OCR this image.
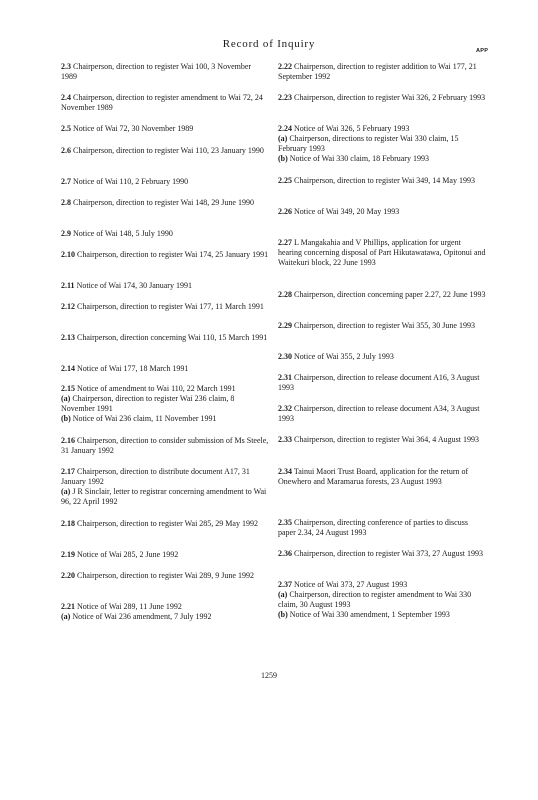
Record of Inquiry
APP
2.3 Chairperson, direction to register Wai 100, 3 November 1989
2.4 Chairperson, direction to register amendment to Wai 72, 24 November 1989
2.5 Notice of Wai 72, 30 November 1989
2.6 Chairperson, direction to register Wai 110, 23 January 1990
2.7 Notice of Wai 110, 2 February 1990
2.8 Chairperson, direction to register Wai 148, 29 June 1990
2.9 Notice of Wai 148, 5 July 1990
2.10 Chairperson, direction to register Wai 174, 25 January 1991
2.11 Notice of Wai 174, 30 January 1991
2.12 Chairperson, direction to register Wai 177, 11 March 1991
2.13 Chairperson, direction concerning Wai 110, 15 March 1991
2.14 Notice of Wai 177, 18 March 1991
2.15 Notice of amendment to Wai 110, 22 March 1991
(a) Chairperson, direction to register Wai 236 claim, 8 November 1991
(b) Notice of Wai 236 claim, 11 November 1991
2.16 Chairperson, direction to consider submission of Ms Steele, 31 January 1992
2.17 Chairperson, direction to distribute document A17, 31 January 1992
(a) J R Sinclair, letter to registrar concerning amendment to Wai 96, 22 April 1992
2.18 Chairperson, direction to register Wai 285, 29 May 1992
2.19 Notice of Wai 285, 2 June 1992
2.20 Chairperson, direction to register Wai 289, 9 June 1992
2.21 Notice of Wai 289, 11 June 1992
(a) Notice of Wai 236 amendment, 7 July 1992
2.22 Chairperson, direction to register addition to Wai 177, 21 September 1992
2.23 Chairperson, direction to register Wai 326, 2 February 1993
2.24 Notice of Wai 326, 5 February 1993
(a) Chairperson, directions to register Wai 330 claim, 15 February 1993
(b) Notice of Wai 330 claim, 18 February 1993
2.25 Chairperson, direction to register Wai 349, 14 May 1993
2.26 Notice of Wai 349, 20 May 1993
2.27 L Mangakahia and V Phillips, application for urgent hearing concerning disposal of Part Hikutawatawa, Opitonui and Waitekuri block, 22 June 1993
2.28 Chairperson, direction concerning paper 2.27, 22 June 1993
2.29 Chairperson, direction to register Wai 355, 30 June 1993
2.30 Notice of Wai 355, 2 July 1993
2.31 Chairperson, direction to release document A16, 3 August 1993
2.32 Chairperson, direction to release document A34, 3 August 1993
2.33 Chairperson, direction to register Wai 364, 4 August 1993
2.34 Tainui Maori Trust Board, application for the return of Onewhero and Maramarua forests, 23 August 1993
2.35 Chairperson, directing conference of parties to discuss paper 2.34, 24 August 1993
2.36 Chairperson, direction to register Wai 373, 27 August 1993
2.37 Notice of Wai 373, 27 August 1993
(a) Chairperson, direction to register amendment to Wai 330 claim, 30 August 1993
(b) Notice of Wai 330 amendment, 1 September 1993
1259
